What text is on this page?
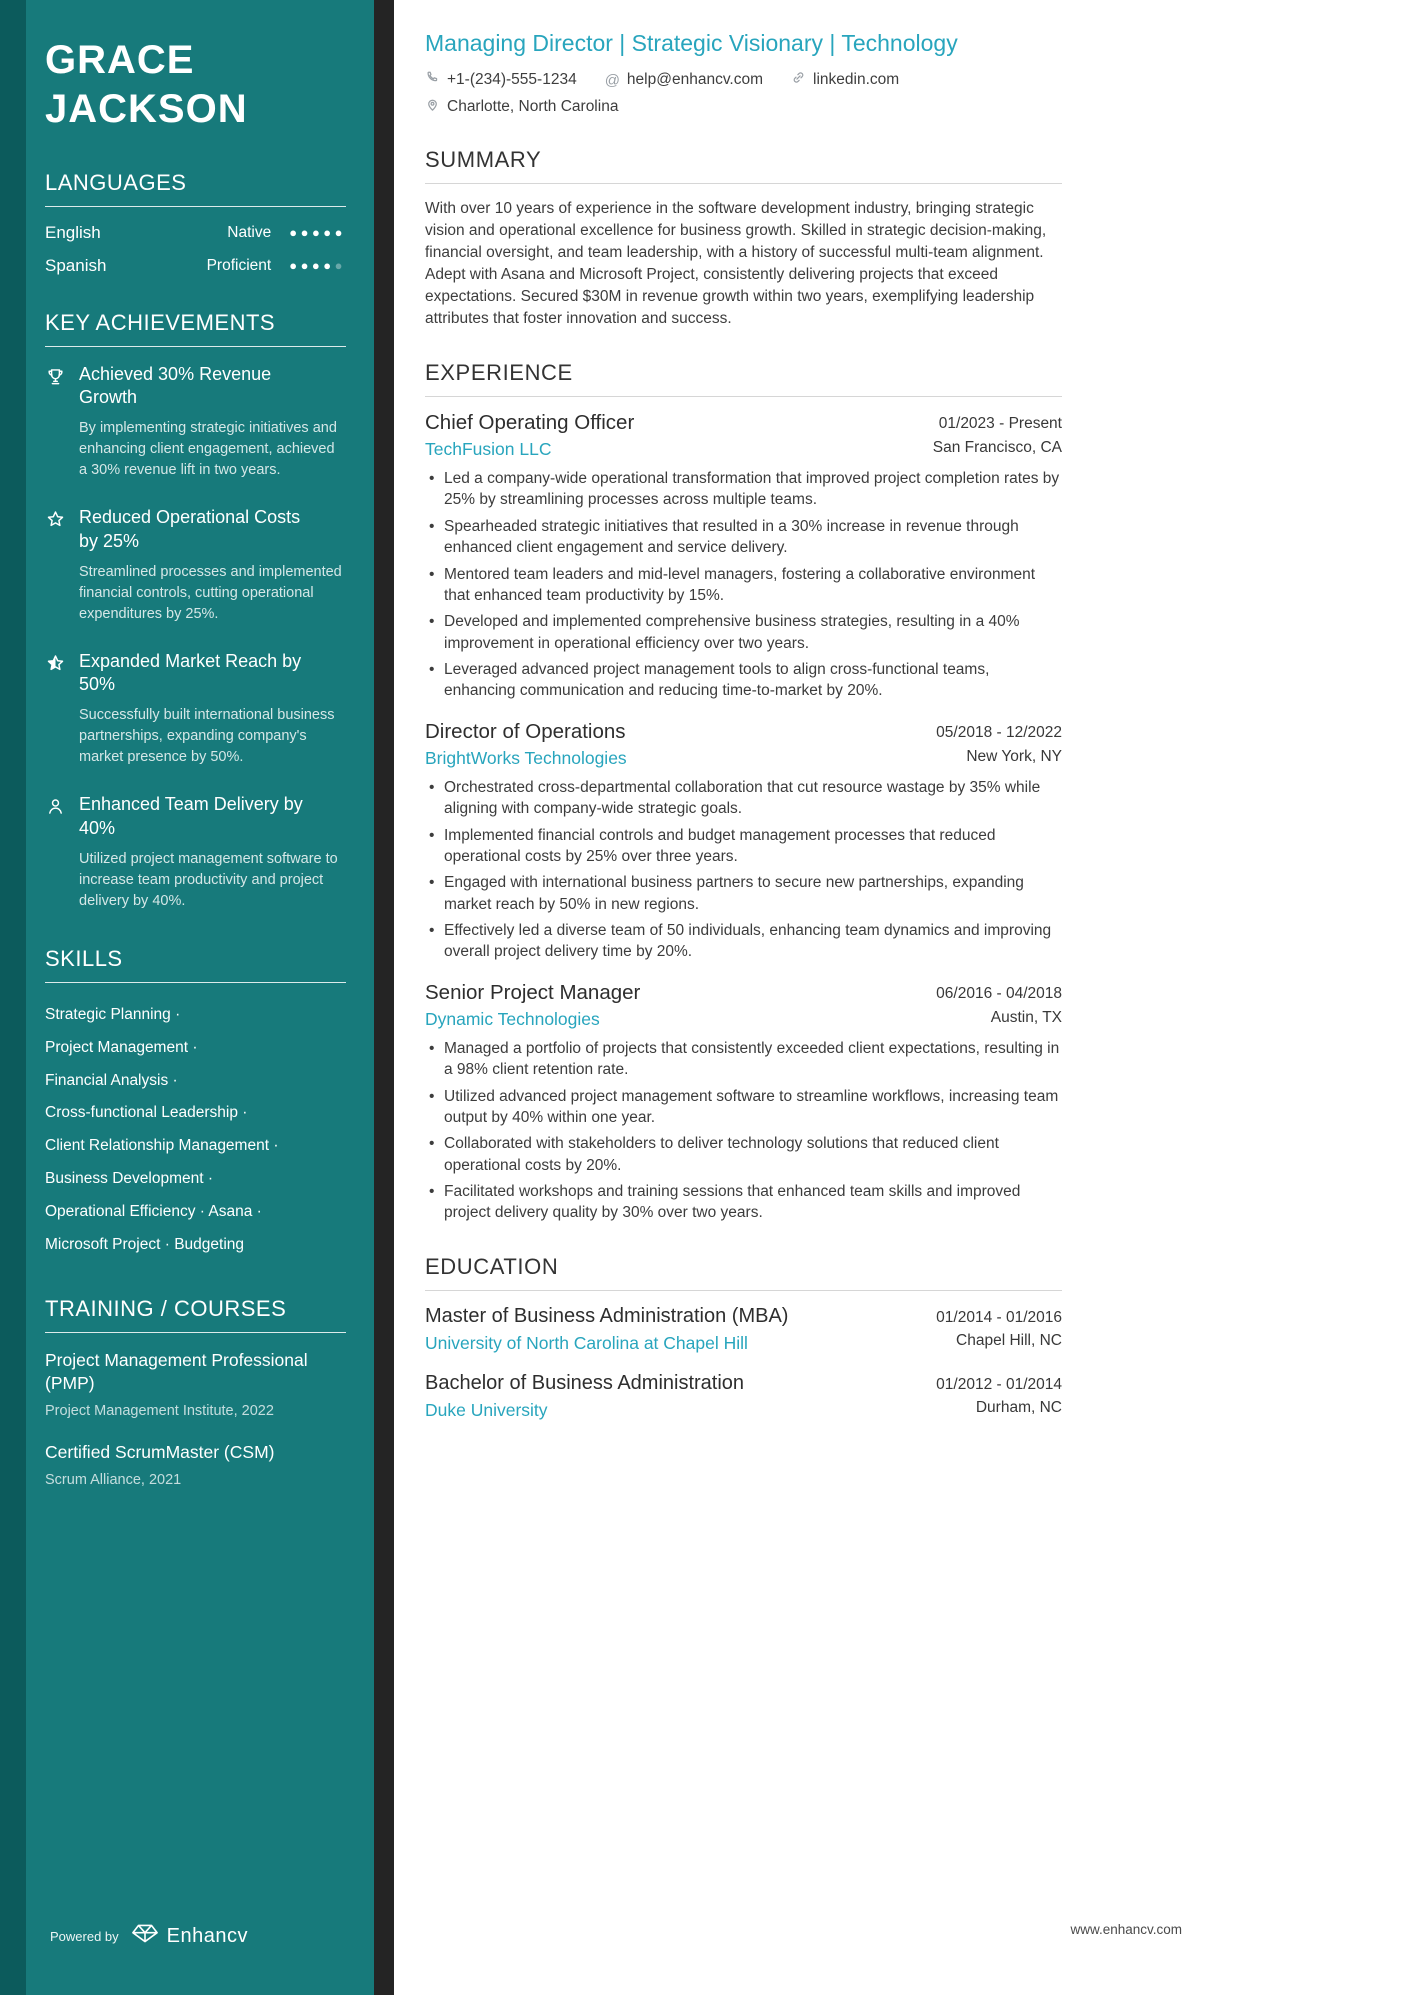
GRACE JACKSON
LANGUAGES
English	Native ●●●●●
Spanish	Proficient ●●●●●
KEY ACHIEVEMENTS
Achieved 30% Revenue Growth
By implementing strategic initiatives and enhancing client engagement, achieved a 30% revenue lift in two years.
Reduced Operational Costs by 25%
Streamlined processes and implemented financial controls, cutting operational expenditures by 25%.
Expanded Market Reach by 50%
Successfully built international business partnerships, expanding company's market presence by 50%.
Enhanced Team Delivery by 40%
Utilized project management software to increase team productivity and project delivery by 40%.
SKILLS
Strategic Planning ·
Project Management ·
Financial Analysis ·
Cross-functional Leadership ·
Client Relationship Management ·
Business Development ·
Operational Efficiency · Asana ·
Microsoft Project · Budgeting
TRAINING / COURSES
Project Management Professional (PMP)
Project Management Institute, 2022
Certified ScrumMaster (CSM)
Scrum Alliance, 2021
Powered by Enhancv
Managing Director | Strategic Visionary | Technology
+1-(234)-555-1234 @ help@enhancv.com	linkedin.com
Charlotte, North Carolina
SUMMARY

With over 10 years of experience in the software development industry, bringing strategic vision and operational excellence for business growth. Skilled in strategic decision-making, financial oversight, and team leadership, with a history of successful multi-team alignment. Adept with Asana and Microsoft Project, consistently delivering projects that exceed expectations. Secured $30M in revenue growth within two years, exemplifying leadership attributes that foster innovation and success.

EXPERIENCE
Chief Operating Officer	01/2023 - Present
TechFusion LLC	San Francisco, CA
• Led a company-wide operational transformation that improved project completion rates by 25% by streamlining processes across multiple teams.
• Spearheaded strategic initiatives that resulted in a 30% increase in revenue through enhanced client engagement and service delivery.
• Mentored team leaders and mid-level managers, fostering a collaborative environment that enhanced team productivity by 15%.
• Developed and implemented comprehensive business strategies, resulting in a 40% improvement in operational efficiency over two years.
• Leveraged advanced project management tools to align cross-functional teams, enhancing communication and reducing time-to-market by 20%.
Director of Operations	05/2018 - 12/2022
BrightWorks Technologies	New York, NY
• Orchestrated cross-departmental collaboration that cut resource wastage by 35% while aligning with company-wide strategic goals.
• Implemented financial controls and budget management processes that reduced operational costs by 25% over three years.
• Engaged with international business partners to secure new partnerships, expanding market reach by 50% in new regions.
• Effectively led a diverse team of 50 individuals, enhancing team dynamics and improving overall project delivery time by 20%.
Senior Project Manager	06/2016 - 04/2018
Dynamic Technologies	Austin, TX
• Managed a portfolio of projects that consistently exceeded client expectations, resulting in a 98% client retention rate.
• Utilized advanced project management software to streamline workflows, increasing team output by 40% within one year.
• Collaborated with stakeholders to deliver technology solutions that reduced client operational costs by 20%.
• Facilitated workshops and training sessions that enhanced team skills and improved project delivery quality by 30% over two years.
EDUCATION
Master of Business Administration (MBA)	01/2014 - 01/2016
University of North Carolina at Chapel Hill	Chapel Hill, NC
Bachelor of Business Administration	01/2012 - 01/2014
Duke University	Durham, NC
www.enhancv.com
